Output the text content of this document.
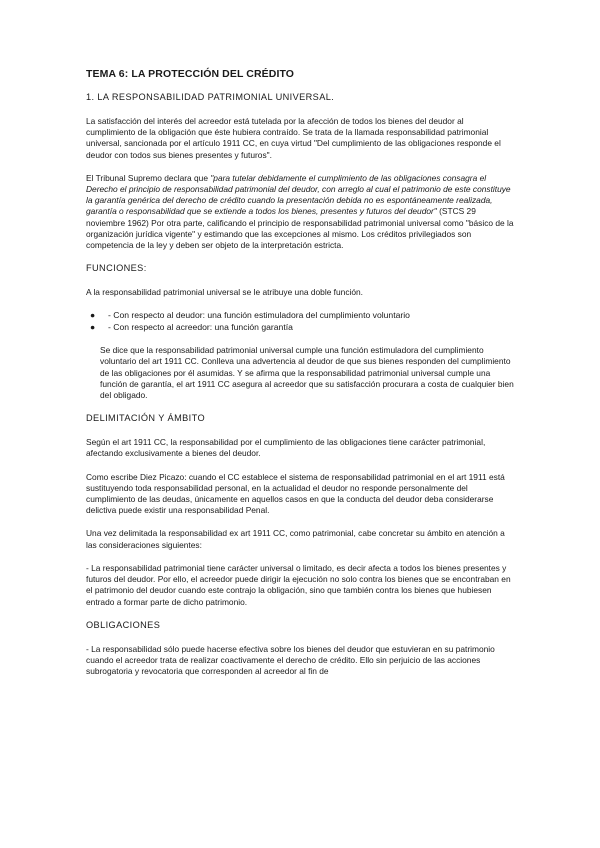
TEMA 6: LA PROTECCIÓN DEL CRÉDITO
1. LA RESPONSABILIDAD PATRIMONIAL UNIVERSAL.

La satisfacción del interés del acreedor está tutelada por la afección de todos los bienes del deudor al cumplimiento de la obligación que éste hubiera contraído. Se trata de la llamada responsabilidad patrimonial universal, sancionada por el artículo 1911 CC, en cuya virtud "Del cumplimiento de las obligaciones responde el deudor con todos sus bienes presentes y futuros".

El Tribunal Supremo declara que "para tutelar debidamente el cumplimiento de las obligaciones consagra el Derecho el principio de responsabilidad patrimonial del deudor, con arreglo al cual el patrimonio de este constituye la garantía genérica del derecho de crédito cuando la presentación debida no es espontáneamente realizada, garantía o responsabilidad que se extiende a todos los bienes, presentes y futuros del deudor" (STCS 29 noviembre 1962) Por otra parte, calificando el principio de responsabilidad patrimonial universal como "básico de la organización jurídica vigente" y estimando que las excepciones al mismo. Los créditos privilegiados son competencia de la ley y deben ser objeto de la interpretación estricta.

FUNCIONES:

A la responsabilidad patrimonial universal se le atribuye una doble función.

● - Con respecto al deudor: una función estimuladora del cumplimiento voluntario
● - Con respecto al acreedor: una función garantía

Se dice que la responsabilidad patrimonial universal cumple una función estimuladora del cumplimiento voluntario del art 1911 CC. Conlleva una advertencia al deudor de que sus bienes responden del cumplimiento de las obligaciones por él asumidas. Y se afirma que la responsabilidad patrimonial universal cumple una función de garantía, el art 1911 CC asegura al acreedor que su satisfacción procurara a costa de cualquier bien del obligado.

DELIMITACIÓN Y ÁMBITO

Según el art 1911 CC, la responsabilidad por el cumplimiento de las obligaciones tiene carácter patrimonial, afectando exclusivamente a bienes del deudor.

Como escribe Diez Picazo: cuando el CC establece el sistema de responsabilidad patrimonial en el art 1911 está sustituyendo toda responsabilidad personal, en la actualidad el deudor no responde personalmente del cumplimiento de las deudas, únicamente en aquellos casos en que la conducta del deudor deba considerarse delictiva puede existir una responsabilidad Penal.

Una vez delimitada la responsabilidad ex art 1911 CC, como patrimonial, cabe concretar su ámbito en atención a las consideraciones siguientes:

- La responsabilidad patrimonial tiene carácter universal o limitado, es decir afecta a todos los bienes presentes y futuros del deudor. Por ello, el acreedor puede dirigir la ejecución no solo contra los bienes que se encontraban en el patrimonio del deudor cuando este contrajo la obligación, sino que también contra los bienes que hubiesen entrado a formar parte de dicho patrimonio.

OBLIGACIONES

- La responsabilidad sólo puede hacerse efectiva sobre los bienes del deudor que estuvieran en su patrimonio cuando el acreedor trata de realizar coactivamente el derecho de crédito. Ello sin perjuicio de las acciones subrogatoria y revocatoria que corresponden al acreedor al fin de
